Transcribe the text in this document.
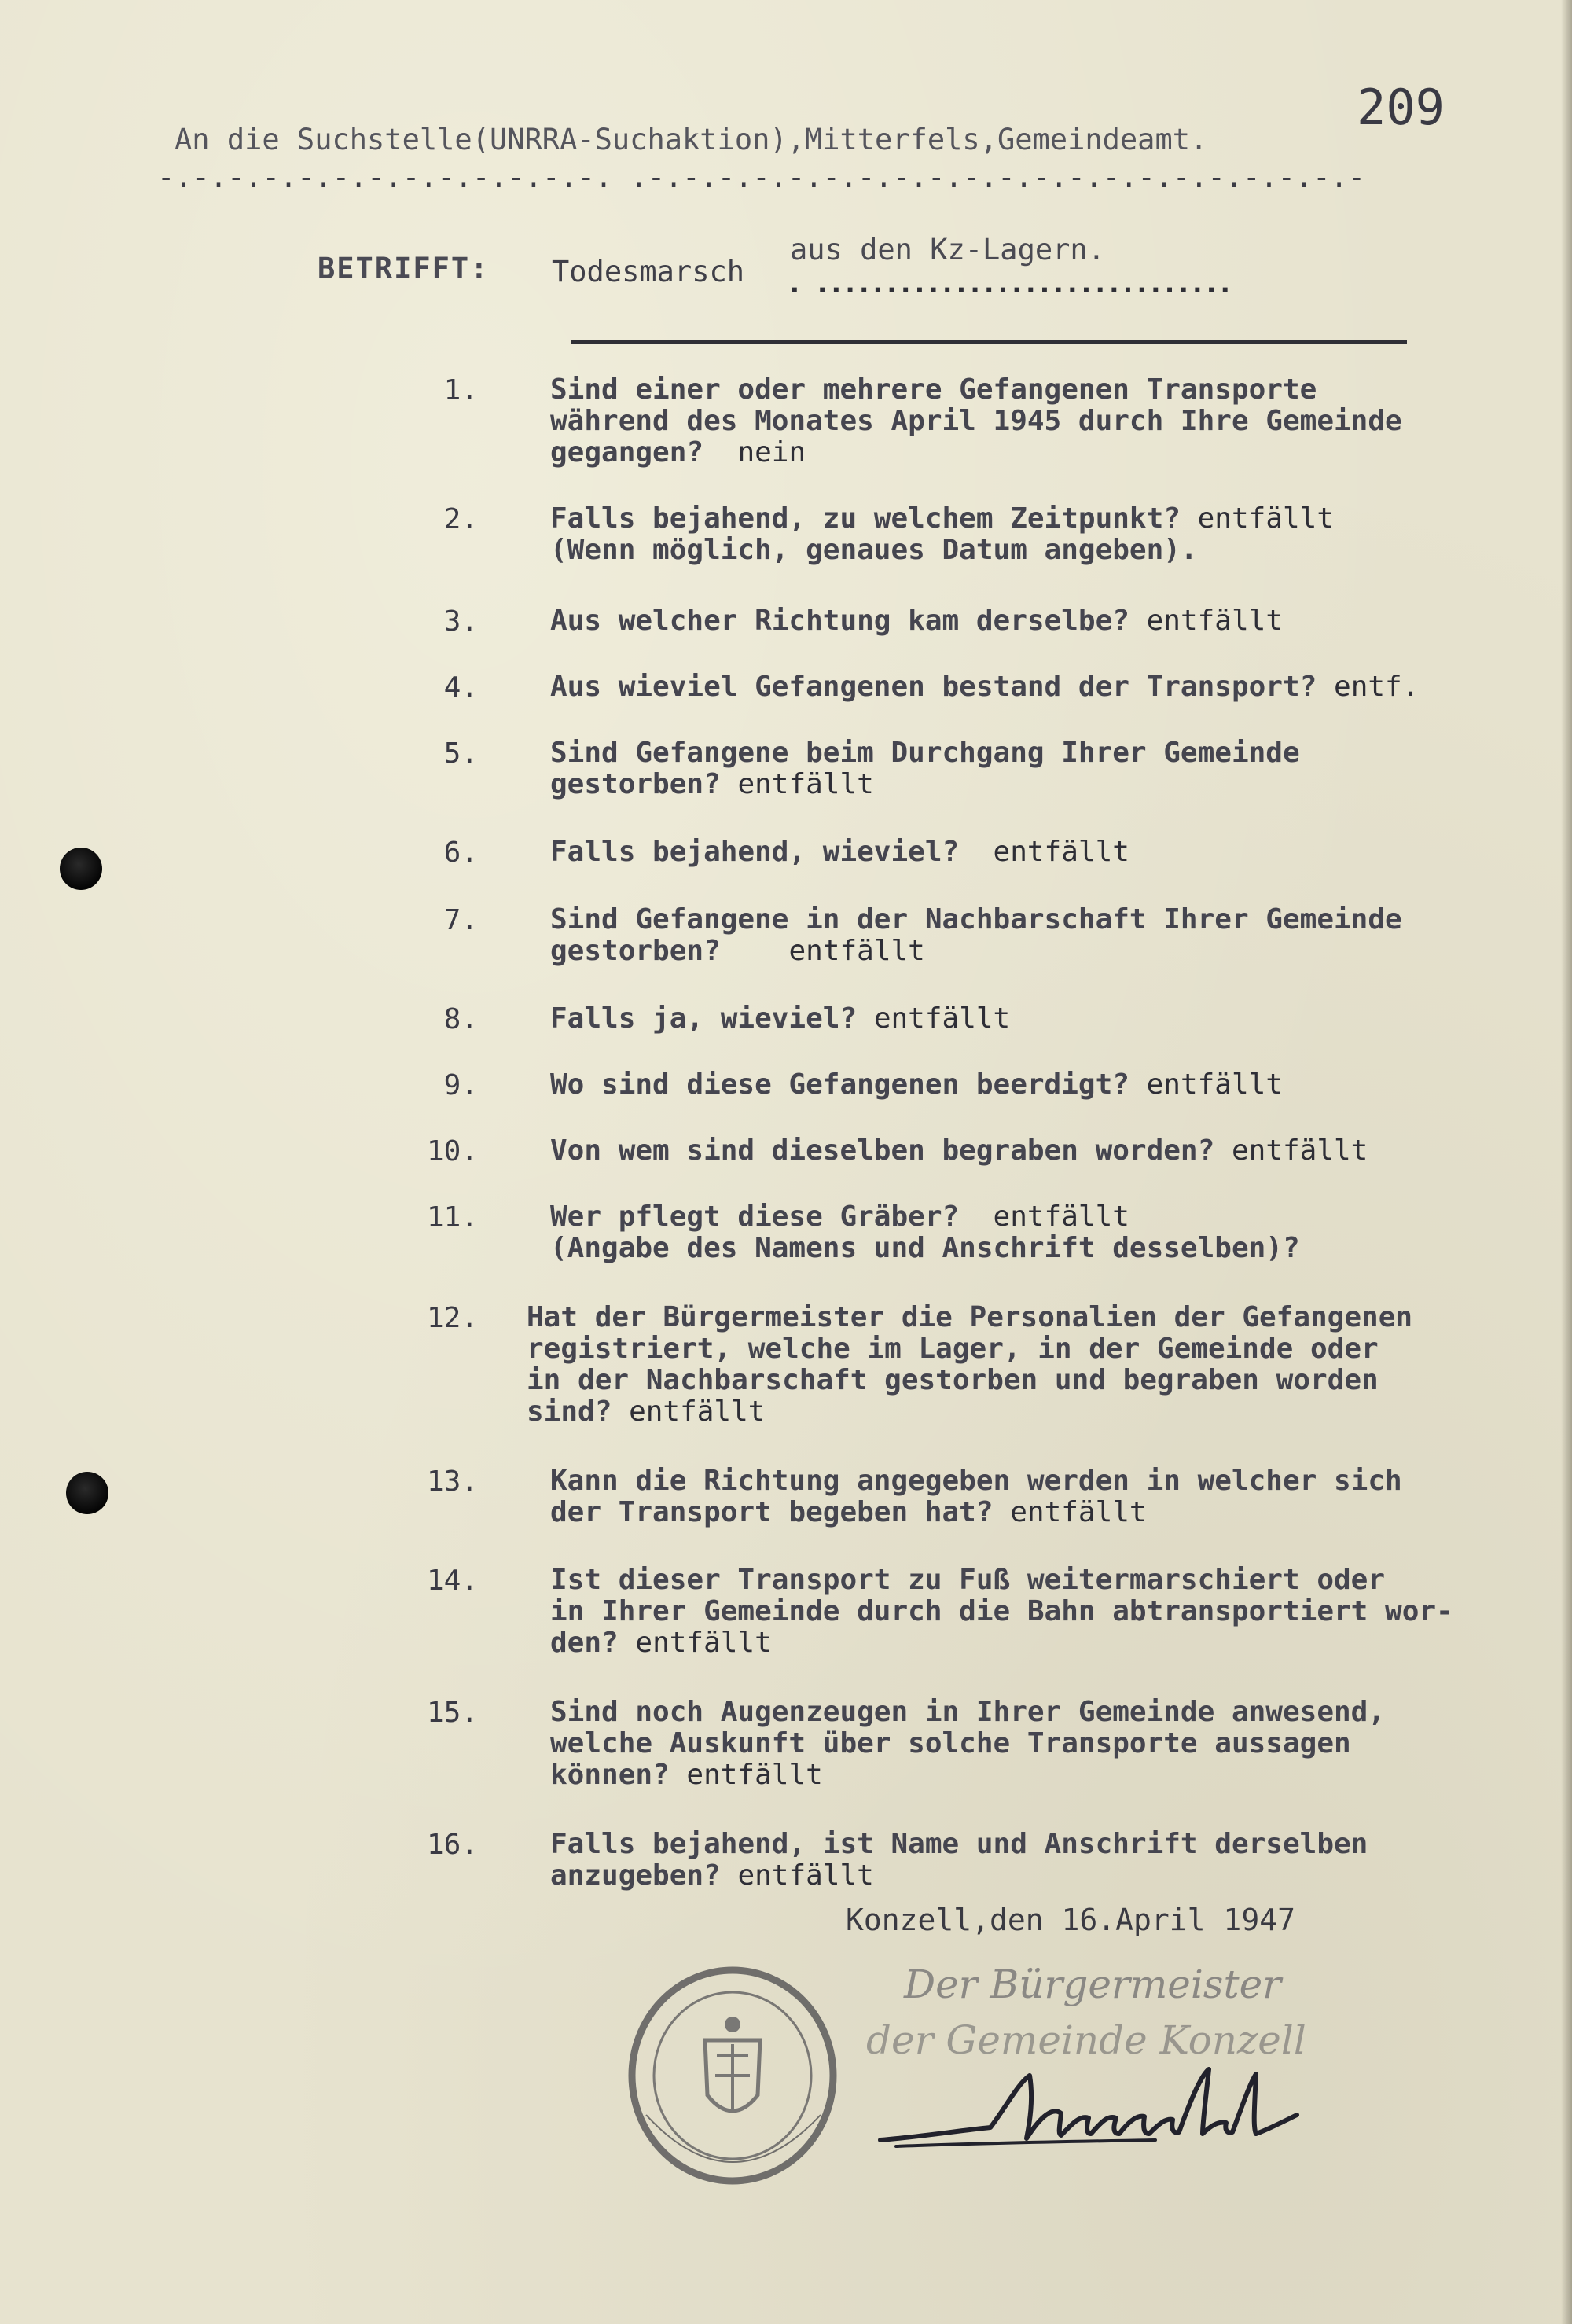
209
An die Suchstelle(UNRRA-Suchaktion),Mitterfels,Gemeindeamt.
-.-.-.-.-.-.-.-.-.-.-.-.-. .-.-.-.-.-.-.-.-.-.-.-.-.-.-.-.-.-.-.-.-.-
BETRIFFT: Todesmarsch
aus den Kz-Lagern.
. ..............................
1.	Sind einer oder mehrere Gefangenen Transporte
während des Monates April 1945 durch Ihre Gemeinde
gegangen? nein
2.	Falls bejahend, zu welchem Zeitpunkt? entfällt
(Wenn möglich, genaues Datum angeben).
3.	Aus welcher Richtung kam derselbe? entfällt
4.	Aus wieviel Gefangenen bestand der Transport? entf.
5.	Sind Gefangene beim Durchgang Ihrer Gemeinde
gestorben? entfällt
6.	Falls bejahend, wieviel? entfällt
7.	Sind Gefangene in der Nachbarschaft Ihrer Gemeinde
gestorben? entfällt
8.	Falls ja, wieviel? entfällt
9.	Wo sind diese Gefangenen beerdigt? entfällt
10.	Von wem sind dieselben begraben worden? entfällt
11.	Wer pflegt diese Gräber? entfällt
(Angabe des Namens und Anschrift desselben)?
12. Hat der Bürgermeister die Personalien der Gefangenen
registriert, welche im Lager, in der Gemeinde oder
in der Nachbarschaft gestorben und begraben worden
sind? entfällt
13.	Kann die Richtung angegeben werden in welcher sich
der Transport begeben hat? entfällt
14.	Ist dieser Transport zu Fuß weitermarschiert oder
in Ihrer Gemeinde durch die Bahn abtransportiert wor-
den? entfällt
15.	Sind noch Augenzeugen in Ihrer Gemeinde anwesend,
welche Auskunft über solche Transporte aussagen
können? entfällt
16.	Falls bejahend, ist Name und Anschrift derselben
anzugeben? entfällt
Konzell,den 16.April 1947
Der Bürgermeister
der Gemeinde Konzell
